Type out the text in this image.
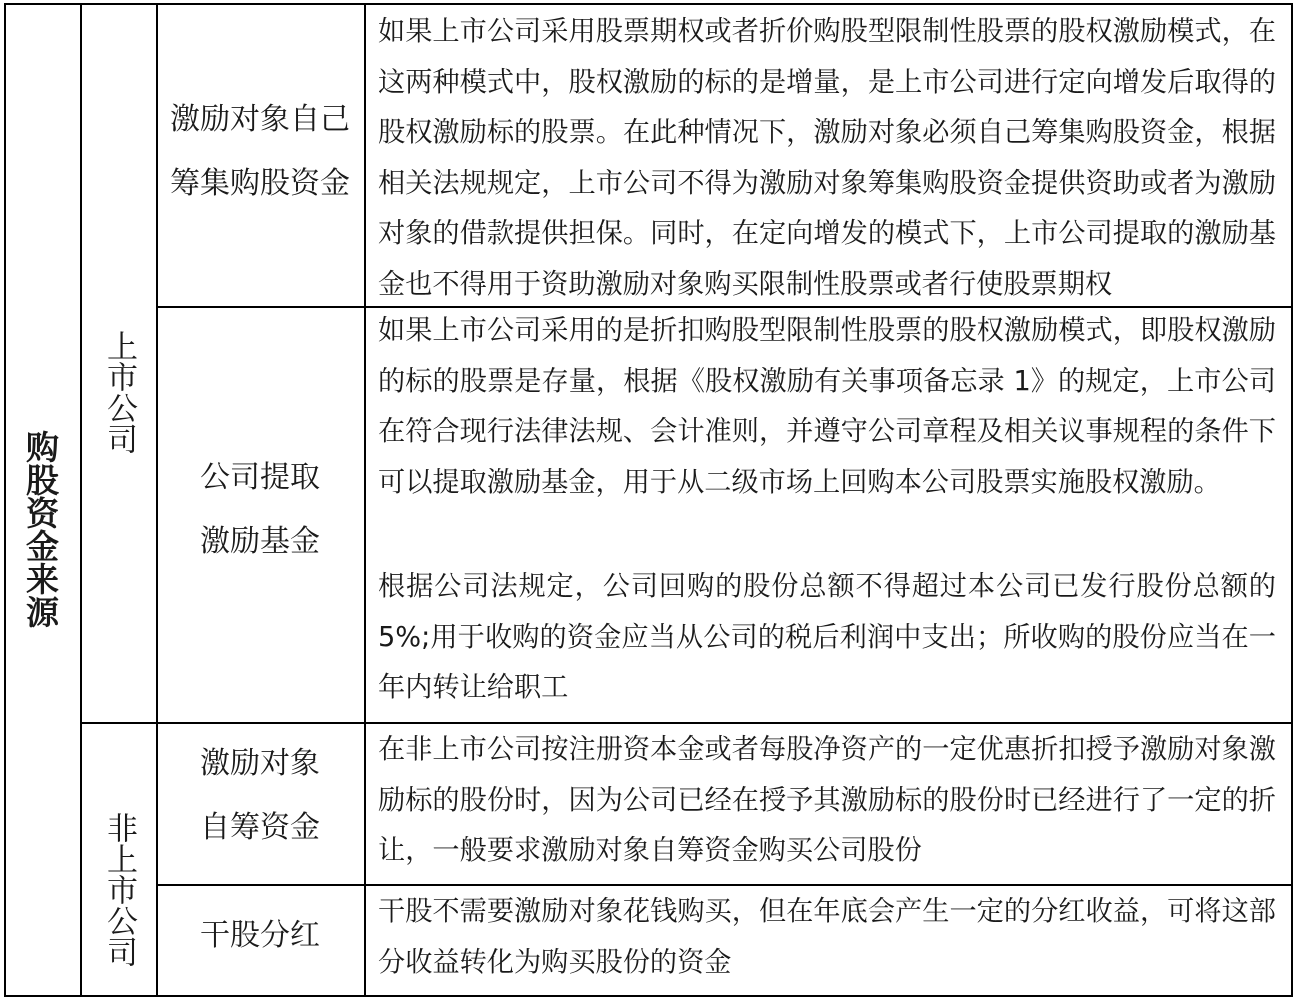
购股资金来源
上市公司
非上市公司
激励对象自己
筹集购股资金
公司提取
激励基金
激励对象
自筹资金
干股分红

如果上市公司采用股票期权或者折价购股型限制性股票的股权激励模式，在这两种模式中，股权激励的标的是增量，是上市公司进行定向增发后取得的股权激励标的股票。在此种情况下，激励对象必须自己筹集购股资金，根据相关法规规定，上市公司不得为激励对象筹集购股资金提供资助或者为激励对象的借款提供担保。同时，在定向增发的模式下，上市公司提取的激励基金也不得用于资助激励对象购买限制性股票或者行使股票期权

如果上市公司采用的是折扣购股型限制性股票的股权激励模式，即股权激励的标的股票是存量，根据《股权激励有关事项备忘录 1》的规定，上市公司在符合现行法律法规、会计准则，并遵守公司章程及相关议事规程的条件下可以提取激励基金，用于从二级市场上回购本公司股票实施股权激励。

根据公司法规定，公司回购的股份总额不得超过本公司已发行股份总额的5%;用于收购的资金应当从公司的税后利润中支出；所收购的股份应当在一年内转让给职工

在非上市公司按注册资本金或者每股净资产的一定优惠折扣授予激励对象激励标的股份时，因为公司已经在授予其激励标的股份时已经进行了一定的折让，一般要求激励对象自筹资金购买公司股份

干股不需要激励对象花钱购买，但在年底会产生一定的分红收益，可将这部分收益转化为购买股份的资金
